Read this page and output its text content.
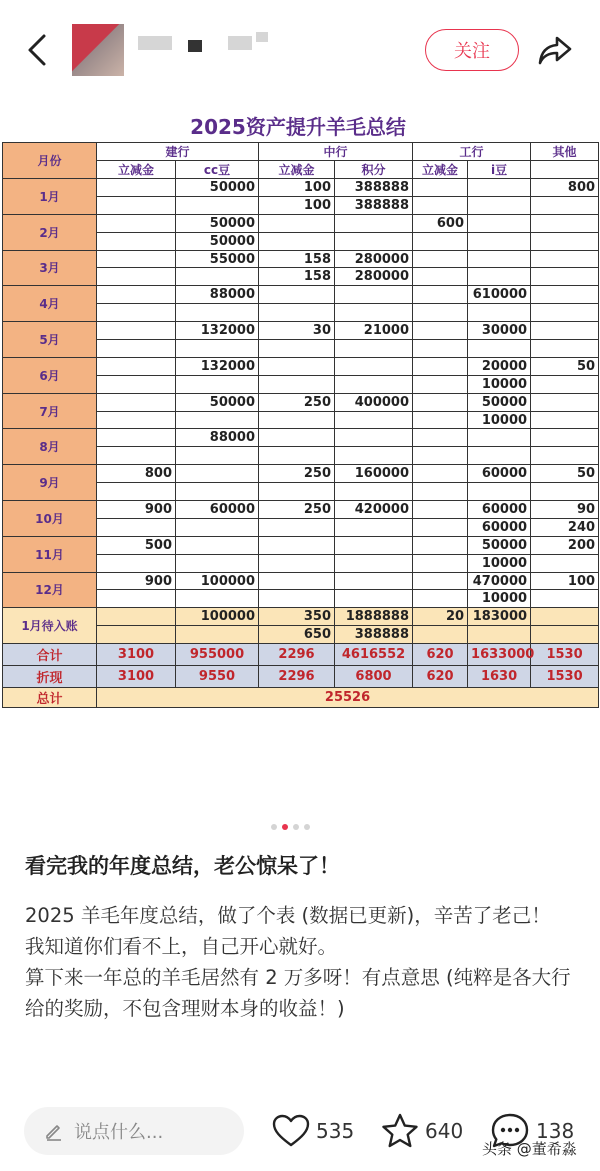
关注
2025资产提升羊毛总结
月份	建行		中行		工行		其他
	立减金	cc豆	立减金	积分	立减金	i豆	
1月		50000	100	388888			800
			100	388888			
2月		50000			600		
		50000					
3月		55000	158	280000			
			158	280000			
4月		88000				610000	

5月		132000	30	21000		30000	

6月		132000				20000	50
						10000	
7月		50000	250	400000		50000	
						10000	
8月		88000					

9月	800		250	160000		60000	50

10月	900	60000	250	420000		60000	90
						60000	240
11月	500					50000	200
						10000	
12月	900	100000				470000	100
						10000	
1月待入账		100000	350	1888888	20	183000	
			650	388888			
合计	3100	955000	2296	4616552	620	1633000	1530
折现	3100	9550	2296	6800	620	1630	1530
总计	25526						
看完我的年度总结，老公惊呆了！

2025 羊毛年度总结，做了个表 (数据已更新)，辛苦了老己！

我知道你们看不上，自己开心就好。

算下来一年总的羊毛居然有 2 万多呀！有点意思 (纯粹是各大行给的奖励，不包含理财本身的收益！)

说点什么...	535	640	138
头条 @董希淼
